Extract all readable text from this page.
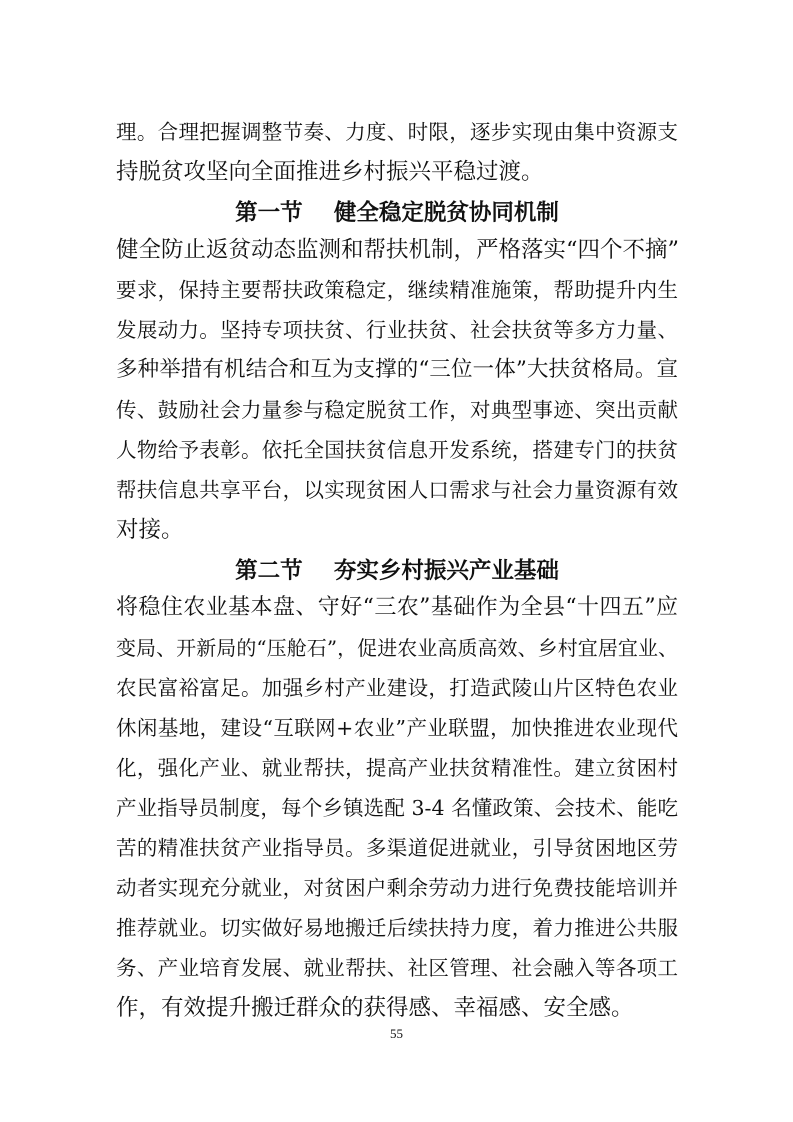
理。合理把握调整节奏、力度、时限，逐步实现由集中资源支
持脱贫攻坚向全面推进乡村振兴平稳过渡。
第一节    健全稳定脱贫协同机制
健全防止返贫动态监测和帮扶机制，严格落实“四个不摘”
要求，保持主要帮扶政策稳定，继续精准施策，帮助提升内生
发展动力。坚持专项扶贫、行业扶贫、社会扶贫等多方力量、
多种举措有机结合和互为支撑的“三位一体”大扶贫格局。宣
传、鼓励社会力量参与稳定脱贫工作，对典型事迹、突出贡献
人物给予表彰。依托全国扶贫信息开发系统，搭建专门的扶贫
帮扶信息共享平台，以实现贫困人口需求与社会力量资源有效
对接。
第二节    夯实乡村振兴产业基础
将稳住农业基本盘、守好“三农”基础作为全县“十四五”应
变局、开新局的“压舱石”，促进农业高质高效、乡村宜居宜业、
农民富裕富足。加强乡村产业建设，打造武陵山片区特色农业
休闲基地，建设“互联网+农业”产业联盟，加快推进农业现代
化，强化产业、就业帮扶，提高产业扶贫精准性。建立贫困村
产业指导员制度，每个乡镇选配 3-4 名懂政策、会技术、能吃
苦的精准扶贫产业指导员。多渠道促进就业，引导贫困地区劳
动者实现充分就业，对贫困户剩余劳动力进行免费技能培训并
推荐就业。切实做好易地搬迁后续扶持力度，着力推进公共服
务、产业培育发展、就业帮扶、社区管理、社会融入等各项工
作，有效提升搬迁群众的获得感、幸福感、安全感。
55
